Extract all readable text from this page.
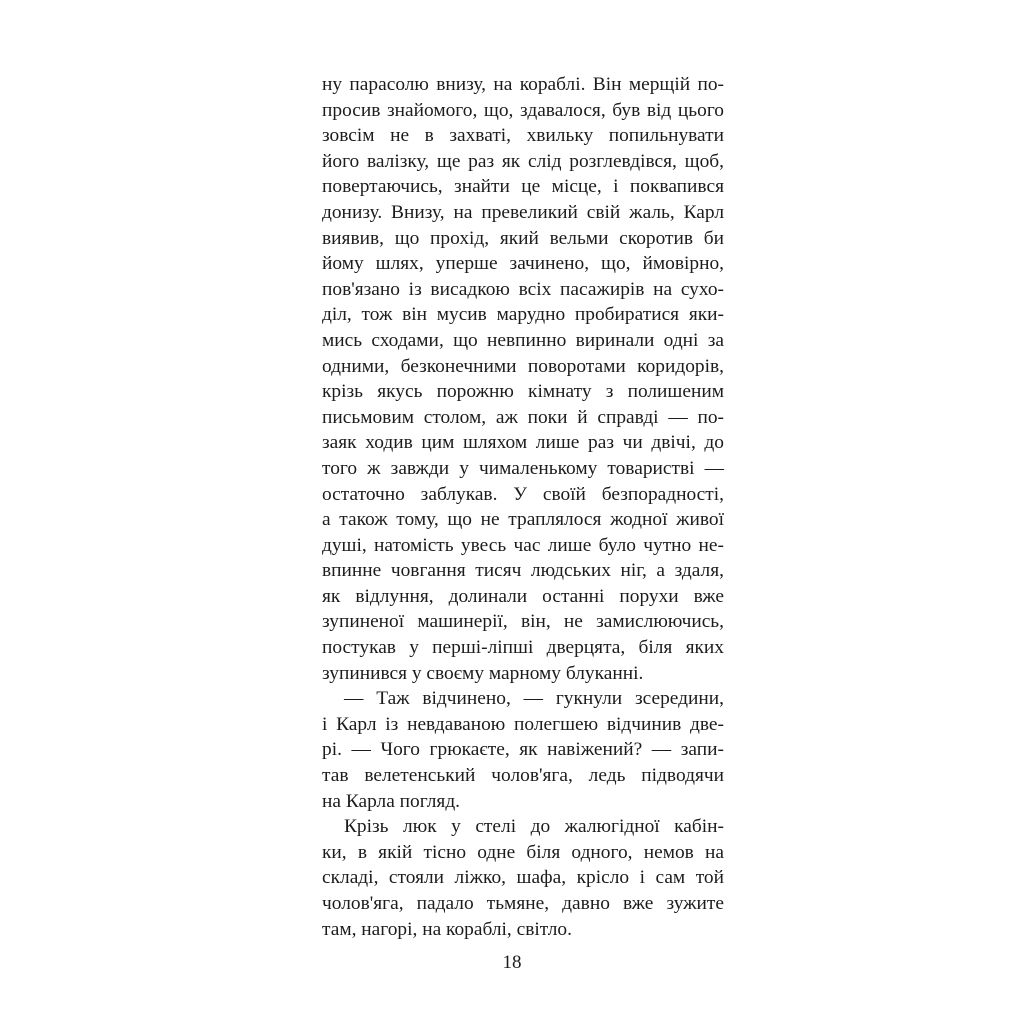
ну парасолю внизу, на кораблі. Він мерщій по-
просив знайомого, що, здавалося, був від цього
зовсім не в захваті, хвильку попильнувати
його валізку, ще раз як слід розглевдівся, щоб,
повертаючись, знайти це місце, і поквапився
донизу. Внизу, на превеликий свій жаль, Карл
виявив, що прохід, який вельми скоротив би
йому шлях, уперше зачинено, що, ймовірно,
пов'язано із висадкою всіх пасажирів на сухо-
діл, тож він мусив марудно пробиратися яки-
мись сходами, що невпинно виринали одні за
одними, безконечними поворотами коридорів,
крізь якусь порожню кімнату з полишеним
письмовим столом, аж поки й справді — по-
заяк ходив цим шляхом лише раз чи двічі, до
того ж завжди у чималенькому товаристві —
остаточно заблукав. У своїй безпорадності,
а також тому, що не траплялося жодної живої
душі, натомість увесь час лише було чутно не-
впинне човгання тисяч людських ніг, а здаля,
як відлуння, долинали останні порухи вже
зупиненої машинерії, він, не замислюючись,
постукав у перші-ліпші дверцята, біля яких
зупинився у своєму марному блуканні.
— Таж відчинено, — гукнули зсередини,
і Карл із невдаваною полегшею відчинив две-
рі. — Чого грюкаєте, як навіжений? — запи-
тав велетенський чолов'яга, ледь підводячи
на Карла погляд.
Крізь люк у стелі до жалюгідної кабін-
ки, в якій тісно одне біля одного, немов на
складі, стояли ліжко, шафа, крісло і сам той
чолов'яга, падало тьмяне, давно вже зужите
там, нагорі, на кораблі, світло.
18
